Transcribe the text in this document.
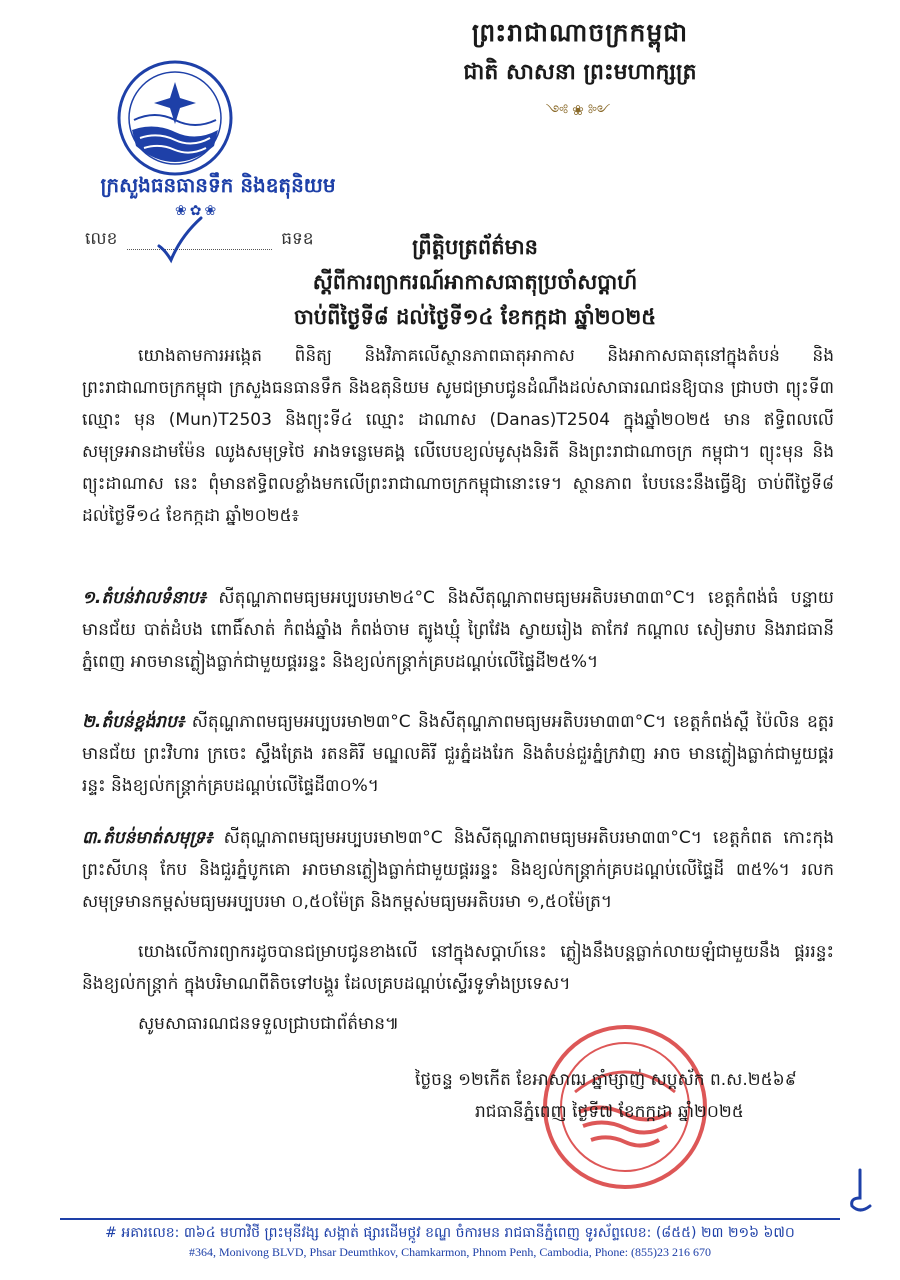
ព្រះរាជាណាចក្រកម្ពុជា
ជាតិ សាសនា ព្រះមហាក្សត្រ
༺❀༻
ក្រសួងធនធានទឹក និងឧតុនិយម
❀✿❀
លេខ	ធទឧ	ព្រឹត្តិបត្រព័ត៌មាន
ស្តីពីការព្យាករណ៍អាកាសធាតុប្រចាំសប្តាហ៍
ចាប់ពីថ្ងៃទី៨ ដល់ថ្ងៃទី១៤ ខែកក្កដា ឆ្នាំ២០២៥
យោងតាមការអង្កេត ពិនិត្យ និងវិភាគលើស្ថានភាពធាតុអាកាស និងអាកាសធាតុនៅក្នុងតំបន់ និង ព្រះរាជាណាចក្រកម្ពុជា ក្រសួងធនធានទឹក និងឧតុនិយម សូមជម្រាបជូនដំណឹងដល់សាធារណជនឱ្យបាន ជ្រាបថា ព្យុះទី៣ ឈ្មោះ មុន (Mun)T2503 និងព្យុះទី៤ ឈ្មោះ ដាណាស (Danas)T2504 ក្នុងឆ្នាំ២០២៥ មាន ឥទ្ធិពលលើសមុទ្រអានដាមម៉ែន ឈូងសមុទ្រថៃ អាងទន្លេមេគង្គ លើបេបខ្យល់មូសុងនិរតី និងព្រះរាជាណាចក្រ កម្ពុជា។ ព្យុះមុន និងព្យុះដាណាស នេះ ពុំមានឥទ្ធិពលខ្លាំងមកលើព្រះរាជាណាចក្រកម្ពុជានោះទេ។ ស្ថានភាព បែបនេះនឹងធ្វើឱ្យ ចាប់ពីថ្ងៃទី៨ ដល់ថ្ងៃទី១៤ ខែកក្កដា ឆ្នាំ២០២៥៖
១.តំបន់វាលទំនាប៖ សីតុណ្ហភាពមធ្យមអប្បបរមា២៤°C និងសីតុណ្ហភាពមធ្យមអតិបរមា៣៣°C។ ខេត្តកំពង់ធំ បន្ទាយមានជ័យ បាត់ដំបង ពោធិ៍សាត់ កំពង់ឆ្នាំង កំពង់ចាម ត្បូងឃ្មុំ ព្រៃវែង ស្វាយរៀង តាកែវ កណ្តាល សៀមរាប និងរាជធានីភ្នំពេញ អាចមានភ្លៀងធ្លាក់ជាមួយផ្គររន្ទះ និងខ្យល់កន្ត្រាក់គ្របដណ្តប់លើផ្ទៃដី២៥%។
២.តំបន់ខ្ពង់រាប៖ សីតុណ្ហភាពមធ្យមអប្បបរមា២៣°C និងសីតុណ្ហភាពមធ្យមអតិបរមា៣៣°C។ ខេត្តកំពង់ស្ពឺ ប៉ៃលិន ឧត្តរមានជ័យ ព្រះវិហារ ក្រចេះ ស្ទឹងត្រែង រតនគិរី មណ្ឌលគិរី ជួរភ្នំដងរែក និងតំបន់ជួរភ្នំក្រវាញ អាច មានភ្លៀងធ្លាក់ជាមួយផ្គររន្ទះ និងខ្យល់កន្ត្រាក់គ្របដណ្តប់លើផ្ទៃដី៣០%។
៣.តំបន់មាត់សមុទ្រ៖ សីតុណ្ហភាពមធ្យមអប្បបរមា២៣°C និងសីតុណ្ហភាពមធ្យមអតិបរមា៣៣°C។ ខេត្តកំពត កោះកុង ព្រះសីហនុ កែប និងជួរភ្នំបូកគោ អាចមានភ្លៀងធ្លាក់ជាមួយផ្គររន្ទះ និងខ្យល់កន្ត្រាក់គ្របដណ្តប់លើផ្ទៃដី ៣៥%។ រលកសមុទ្រមានកម្ពស់មធ្យមអប្បបរមា ០,៥០ម៉ែត្រ និងកម្ពស់មធ្យមអតិបរមា ១,៥០ម៉ែត្រ។
យោងលើការព្យាករដូចបានជម្រាបជូនខាងលើ នៅក្នុងសប្តាហ៍នេះ ភ្លៀងនឹងបន្តធ្លាក់លាយឡំជាមួយនឹង ផ្គររន្ទះ និងខ្យល់កន្ត្រាក់ ក្នុងបរិមាណពីតិចទៅបង្គួរ ដែលគ្របដណ្តប់ស្ទើរទូទាំងប្រទេស។
សូមសាធារណជនទទួលជ្រាបជាព័ត៌មាន៕
ថ្ងៃចន្ទ ១២កើត ខែអាសាឍ ឆ្នាំម្សាញ់ សប្តស័ក ព.ស.២៥៦៩
រាជធានីភ្នំពេញ ថ្ងៃទី៧ ខែកក្កដា ឆ្នាំ២០២៥
# អគារលេខ: ៣៦៤ មហាវិថី ព្រះមុនីវង្ស សង្កាត់ ផ្សារដើមថ្កូវ ខណ្ឌ ចំការមន រាជធានីភ្នំពេញ ទូរស័ព្ទលេខ: (៨៥៥) ២៣ ២១៦ ៦៧០
#364, Monivong BLVD, Phsar Deumthkov, Chamkarmon, Phnom Penh, Cambodia, Phone: (855)23 216 670
